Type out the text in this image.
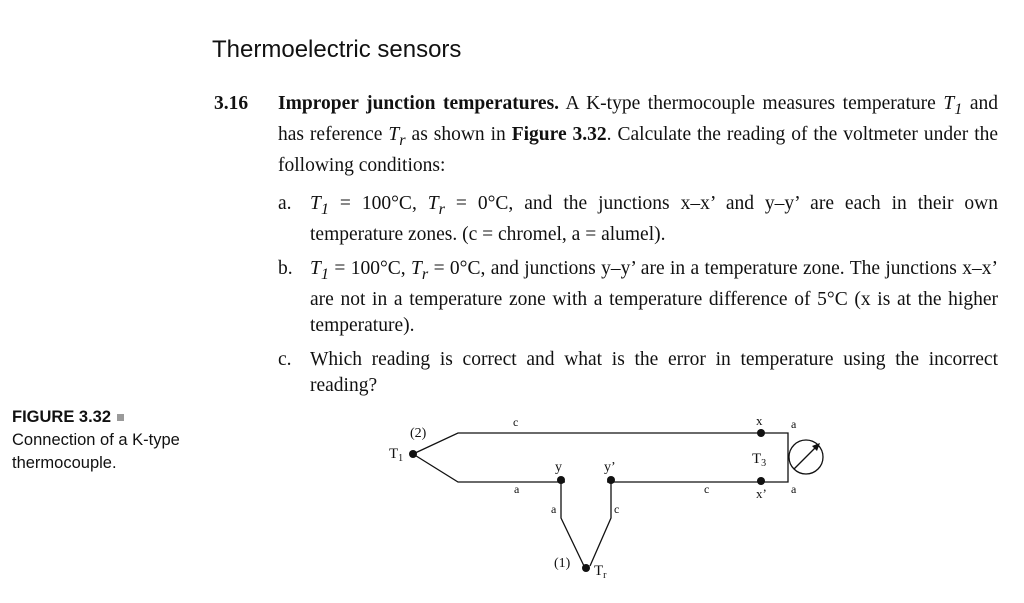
Thermoelectric sensors
3.16 Improper junction temperatures. A K-type thermocouple measures temperature $T_1$ and has reference $T_r$ as shown in Figure 3.32. Calculate the reading of the voltmeter under the following conditions:
a. $T_1 = 100^\circ C$, $T_r = 0^\circ C$, and the junctions x–x’ and y–y’ are each in their own temperature zones. (c = chromel, a = alumel).
b. $T_1 = 100^\circ C$, $T_r = 0^\circ C$, and junctions y–y’ are in a temperature zone. The junctions x–x’ are not in a temperature zone with a temperature difference of 5°C (x is at the higher temperature).
c. Which reading is correct and what is the error in temperature using the incorrect reading?
FIGURE 3.32
Connection of a K-type thermocouple.
(2)
$T_1$
c
a
y	y’
c
x
x’
a
a
$T_3$
a	c
(1) $T_r$
